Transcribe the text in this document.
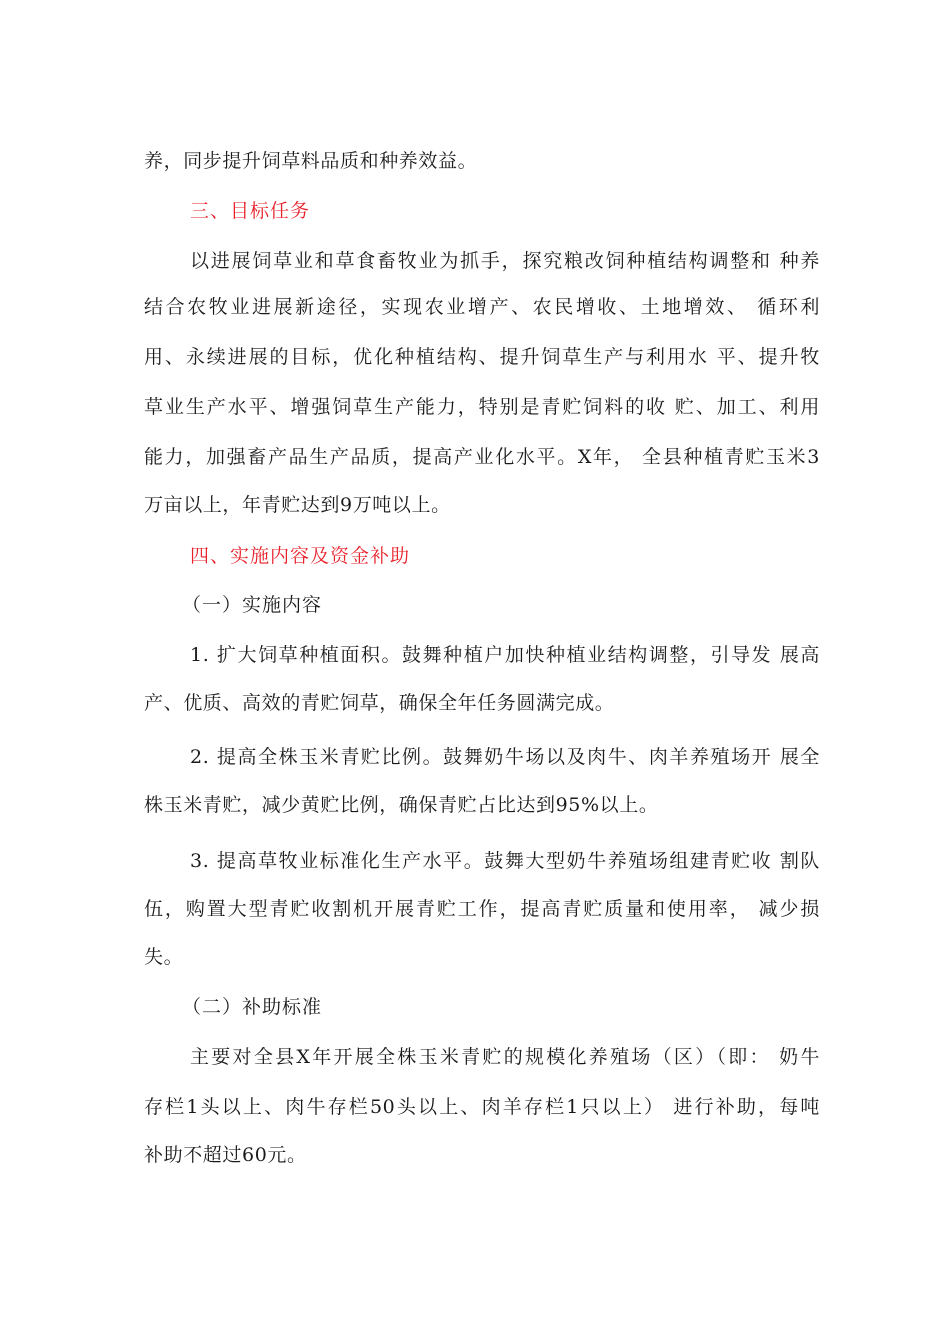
养，同步提升饲草料品质和种养效益。
三、目标任务
以进展饲草业和草食畜牧业为抓手，探究粮改饲种植结构调整和 种养
结合农牧业进展新途径，实现农业增产、农民增收、土地增效、 循环利
用、永续进展的目标，优化种植结构、提升饲草生产与利用水 平、提升牧
草业生产水平、增强饲草生产能力，特别是青贮饲料的收 贮、加工、利用
能力，加强畜产品生产品质，提高产业化水平。X年， 全县种植青贮玉米3
万亩以上，年青贮达到9万吨以上。
四、实施内容及资金补助
（一）实施内容
1. 扩大饲草种植面积。鼓舞种植户加快种植业结构调整，引导发 展高
产、优质、高效的青贮饲草，确保全年任务圆满完成。
2. 提高全株玉米青贮比例。鼓舞奶牛场以及肉牛、肉羊养殖场开 展全
株玉米青贮，减少黄贮比例，确保青贮占比达到95%以上。
3. 提高草牧业标准化生产水平。鼓舞大型奶牛养殖场组建青贮收 割队
伍，购置大型青贮收割机开展青贮工作，提高青贮质量和使用率， 减少损
失。
（二）补助标准
主要对全县X年开展全株玉米青贮的规模化养殖场（区）（即： 奶牛
存栏1头以上、肉牛存栏50头以上、肉羊存栏1只以上） 进行补助，每吨
补助不超过60元。
